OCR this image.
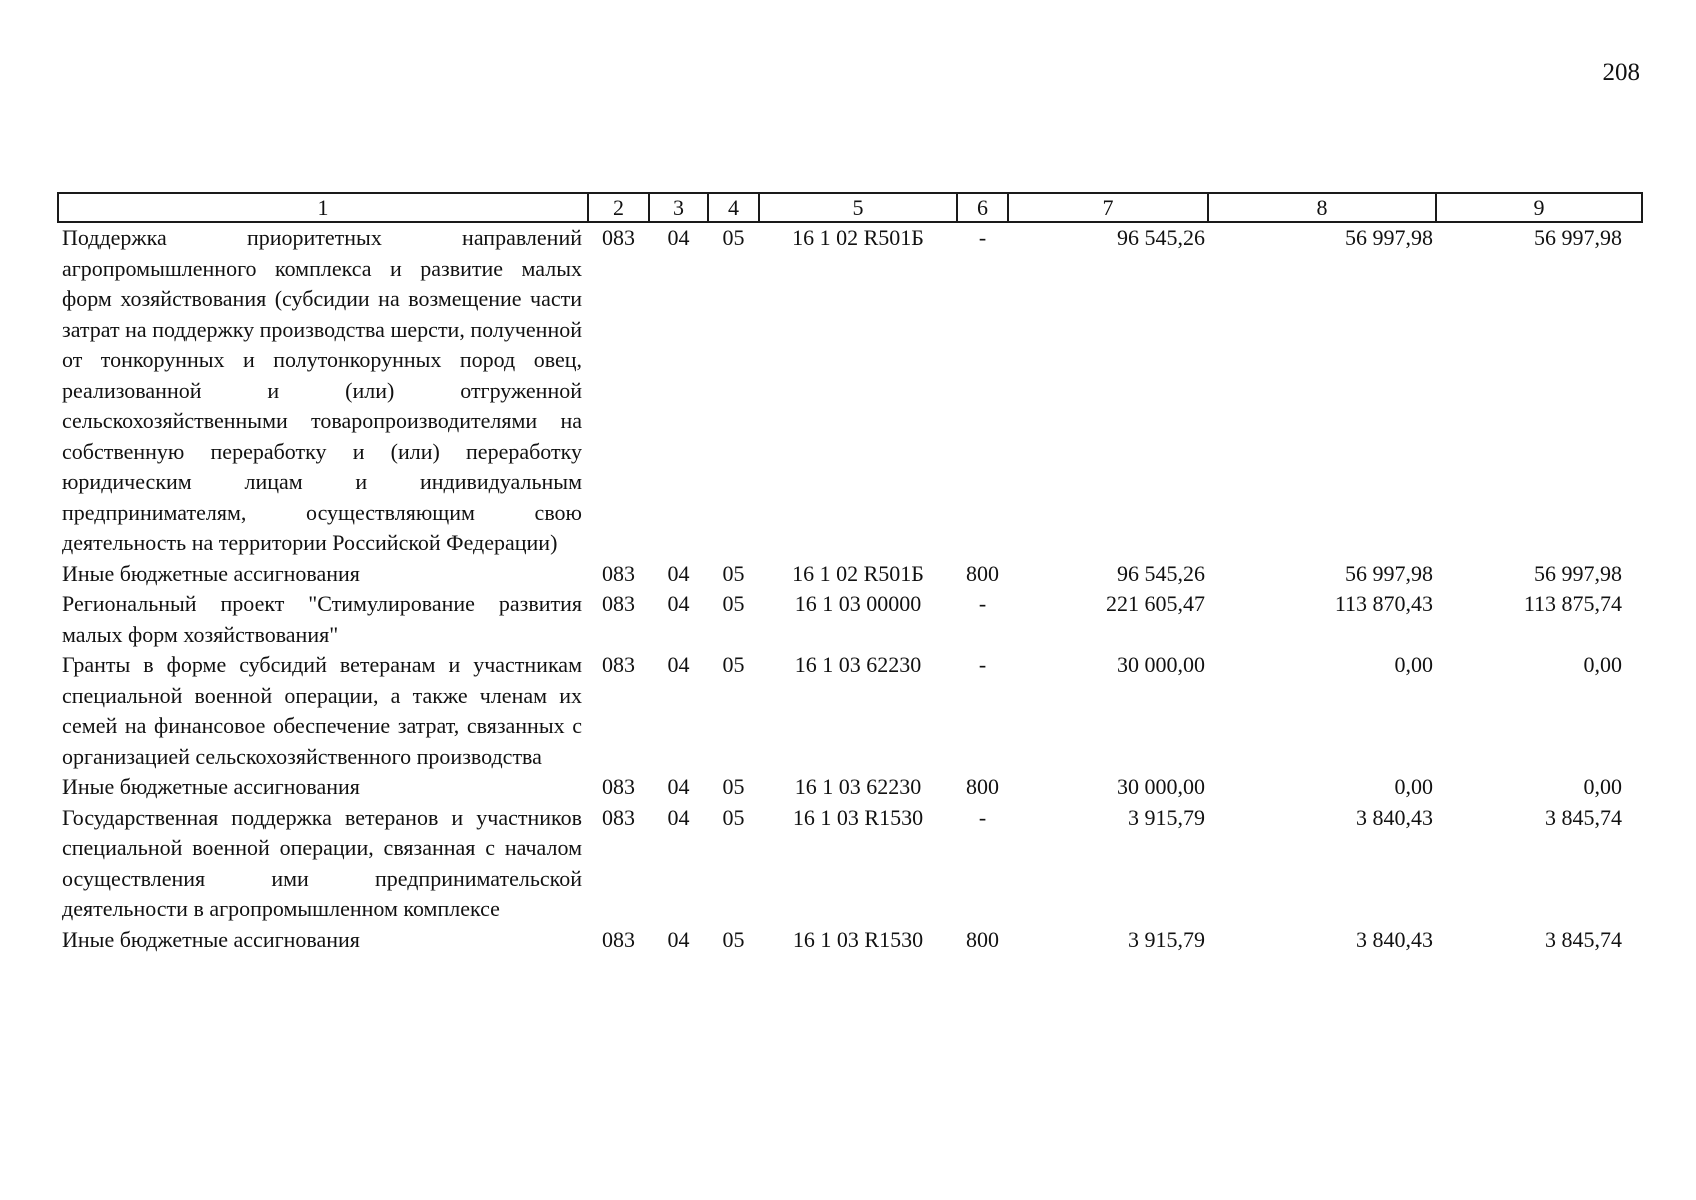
208
1	2	3	4	5	6	7	8	9
Поддержка приоритетных направлений агропромышленного комплекса и развитие малых форм хозяйствования (субсидии на возмещение части затрат на поддержку производства шерсти, полученной от тонкорунных и полутонкорунных пород овец, реализованной и (или) отгруженной сельскохозяйственными товаропроизводителями на собственную переработку и (или) переработку юридическим лицам и индивидуальным предпринимателям, осуществляющим свою деятельность на территории Российской Федерации)	083	04	05	16 1 02 R501Б	-	96 545,26	56 997,98	56 997,98
Иные бюджетные ассигнования	083	04	05	16 1 02 R501Б	800	96 545,26	56 997,98	56 997,98
Региональный проект "Стимулирование развития малых форм хозяйствования"	083	04	05	16 1 03 00000	-	221 605,47	113 870,43	113 875,74
Гранты в форме субсидий ветеранам и участникам специальной военной операции, а также членам их семей на финансовое обеспечение затрат, связанных с организацией сельскохозяйственного производства	083	04	05	16 1 03 62230	-	30 000,00	0,00	0,00
Иные бюджетные ассигнования	083	04	05	16 1 03 62230	800	30 000,00	0,00	0,00
Государственная поддержка ветеранов и участников специальной военной операции, связанная с началом осуществления ими предпринимательской деятельности в агропромышленном комплексе	083	04	05	16 1 03 R1530	-	3 915,79	3 840,43	3 845,74
Иные бюджетные ассигнования	083	04	05	16 1 03 R1530	800	3 915,79	3 840,43	3 845,74
